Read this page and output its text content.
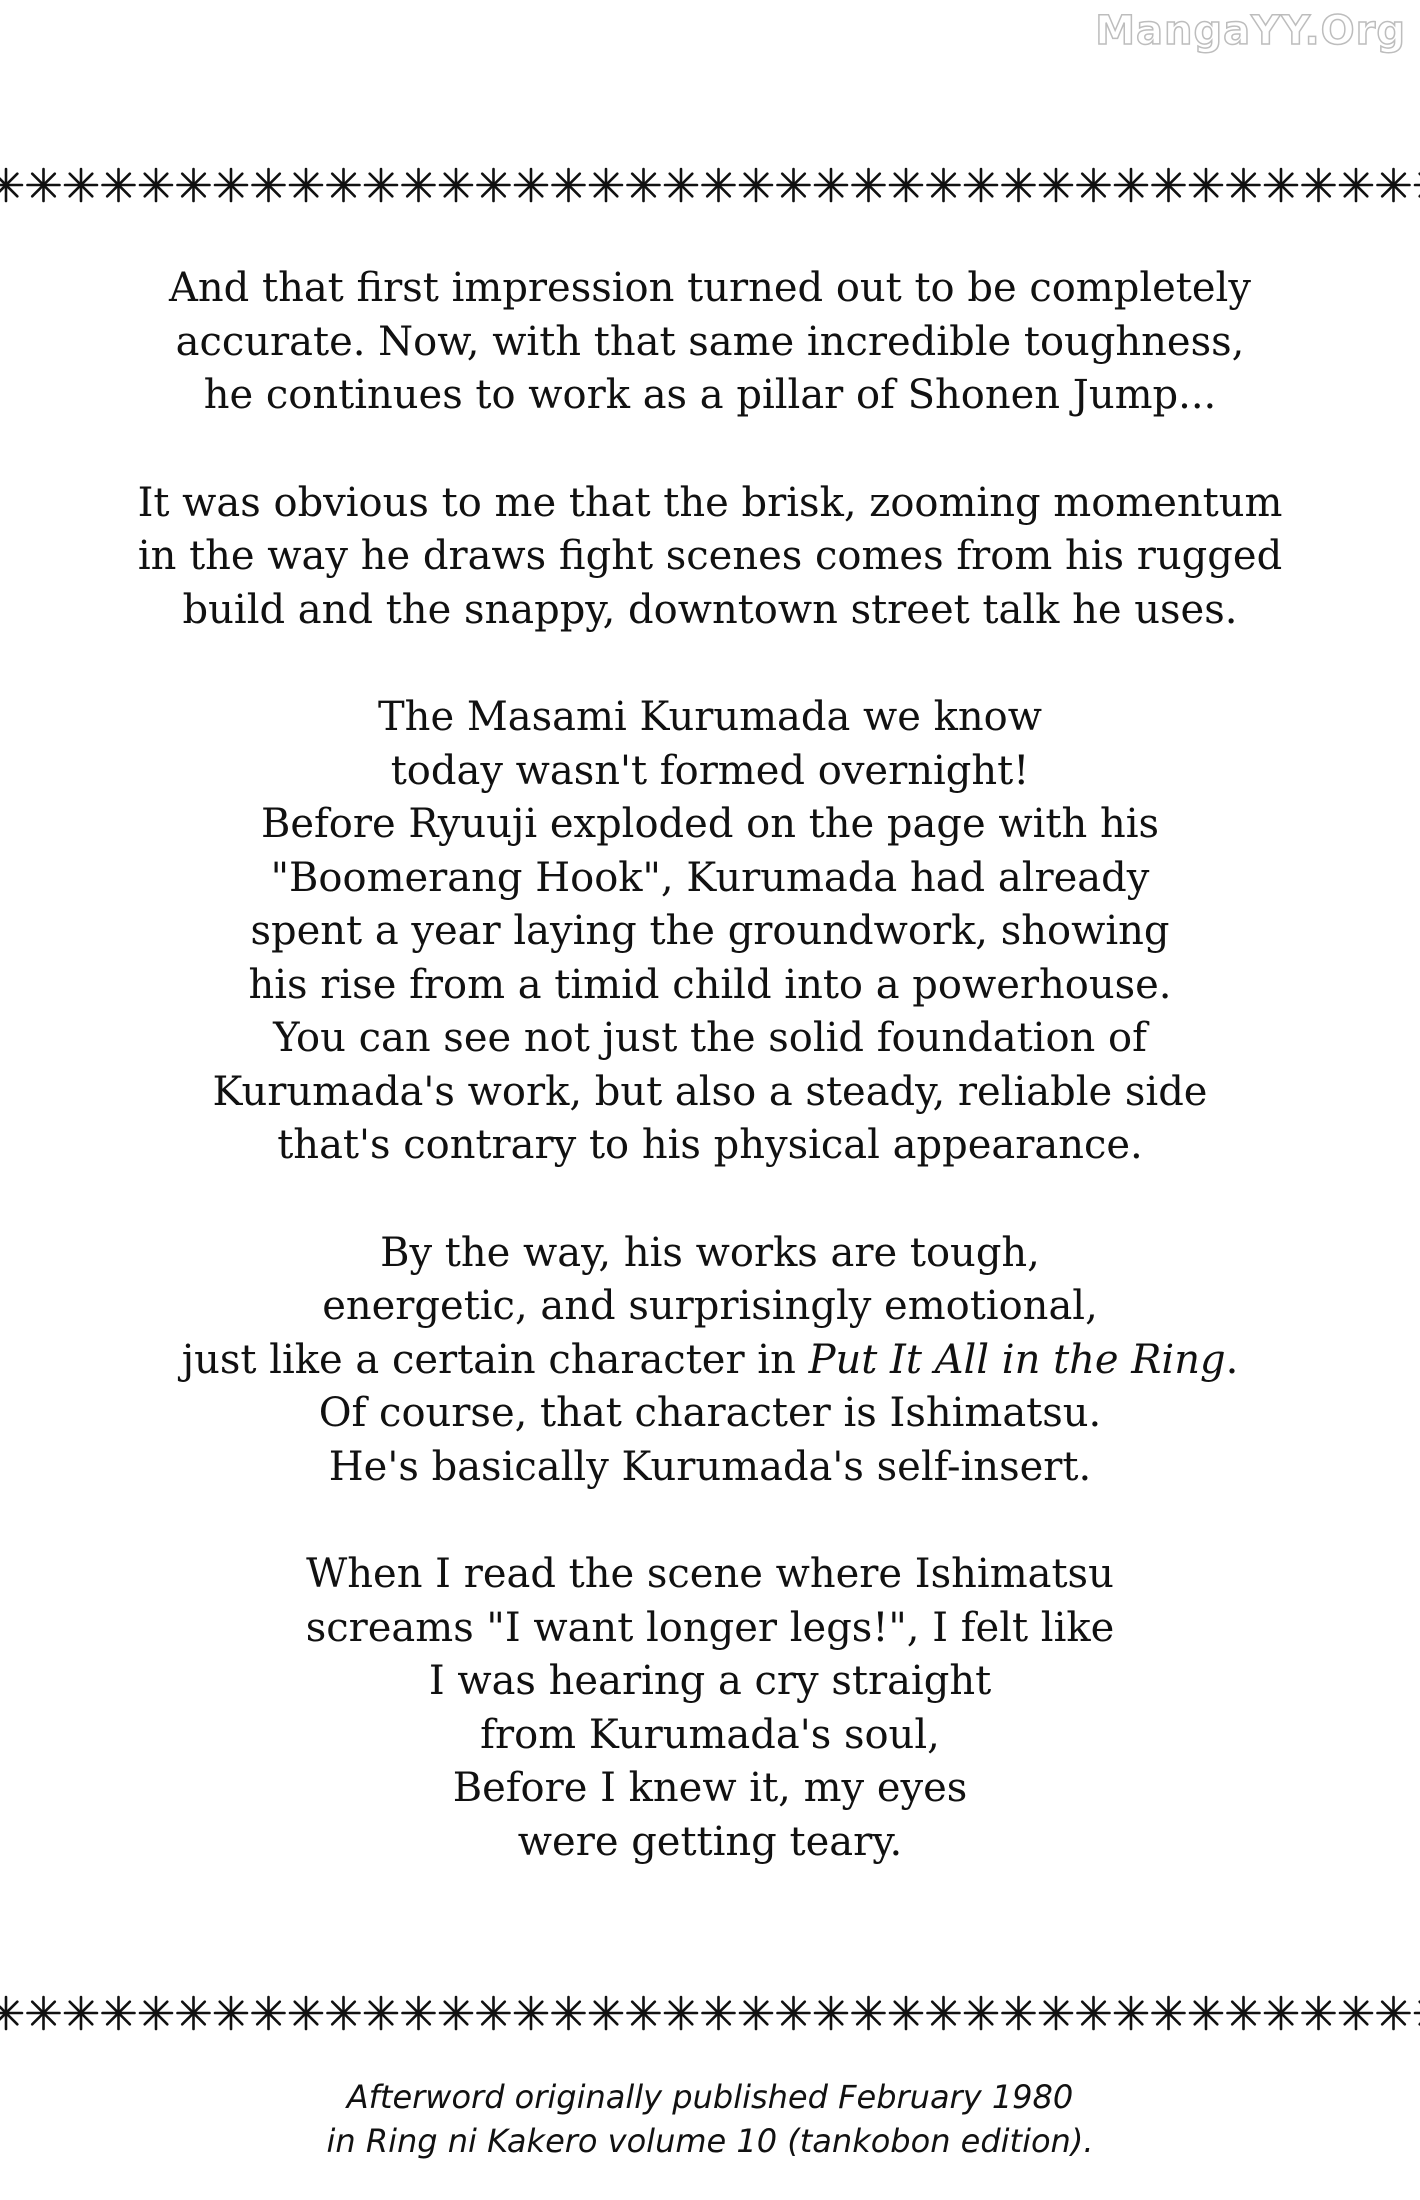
MangaYY.Org
And that first impression turned out to be completely
accurate. Now, with that same incredible toughness,
he continues to work as a pillar of Shonen Jump...
It was obvious to me that the brisk, zooming momentum
in the way he draws fight scenes comes from his rugged
build and the snappy, downtown street talk he uses.
The Masami Kurumada we know
today wasn't formed overnight!
Before Ryuuji exploded on the page with his
"Boomerang Hook", Kurumada had already
spent a year laying the groundwork, showing
his rise from a timid child into a powerhouse.
You can see not just the solid foundation of
Kurumada's work, but also a steady, reliable side
that's contrary to his physical appearance.
By the way, his works are tough,
energetic, and surprisingly emotional,
just like a certain character in Put It All in the Ring.
Of course, that character is Ishimatsu.
He's basically Kurumada's self-insert.
When I read the scene where Ishimatsu
screams "I want longer legs!", I felt like
I was hearing a cry straight
from Kurumada's soul,
Before I knew it, my eyes
were getting teary.
Afterword originally published February 1980
in Ring ni Kakero volume 10 (tankobon edition).
